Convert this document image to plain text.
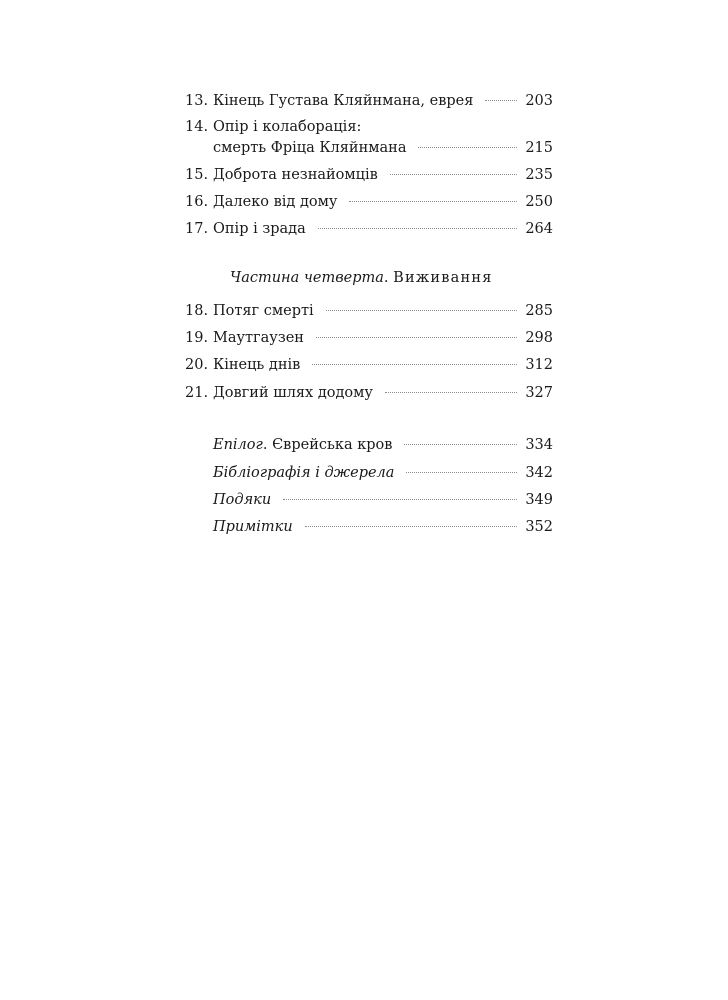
13. Кінець Густава Кляйнмана, еврея	203
14. Опір і колаборація:
смерть Фріца Кляйнмана	215
15. Доброта незнайомців	235
16. Далеко від дому	250
17. Опір і зрада	264
Частина четверта. Виживання
18. Потяг смерті	285
19. Маутгаузен	298
20. Кінець днів	312
21. Довгий шлях додому	327
Епілог. Єврейська кров	334
Бібліографія і джерела	342
Подяки	349
Примітки	352
